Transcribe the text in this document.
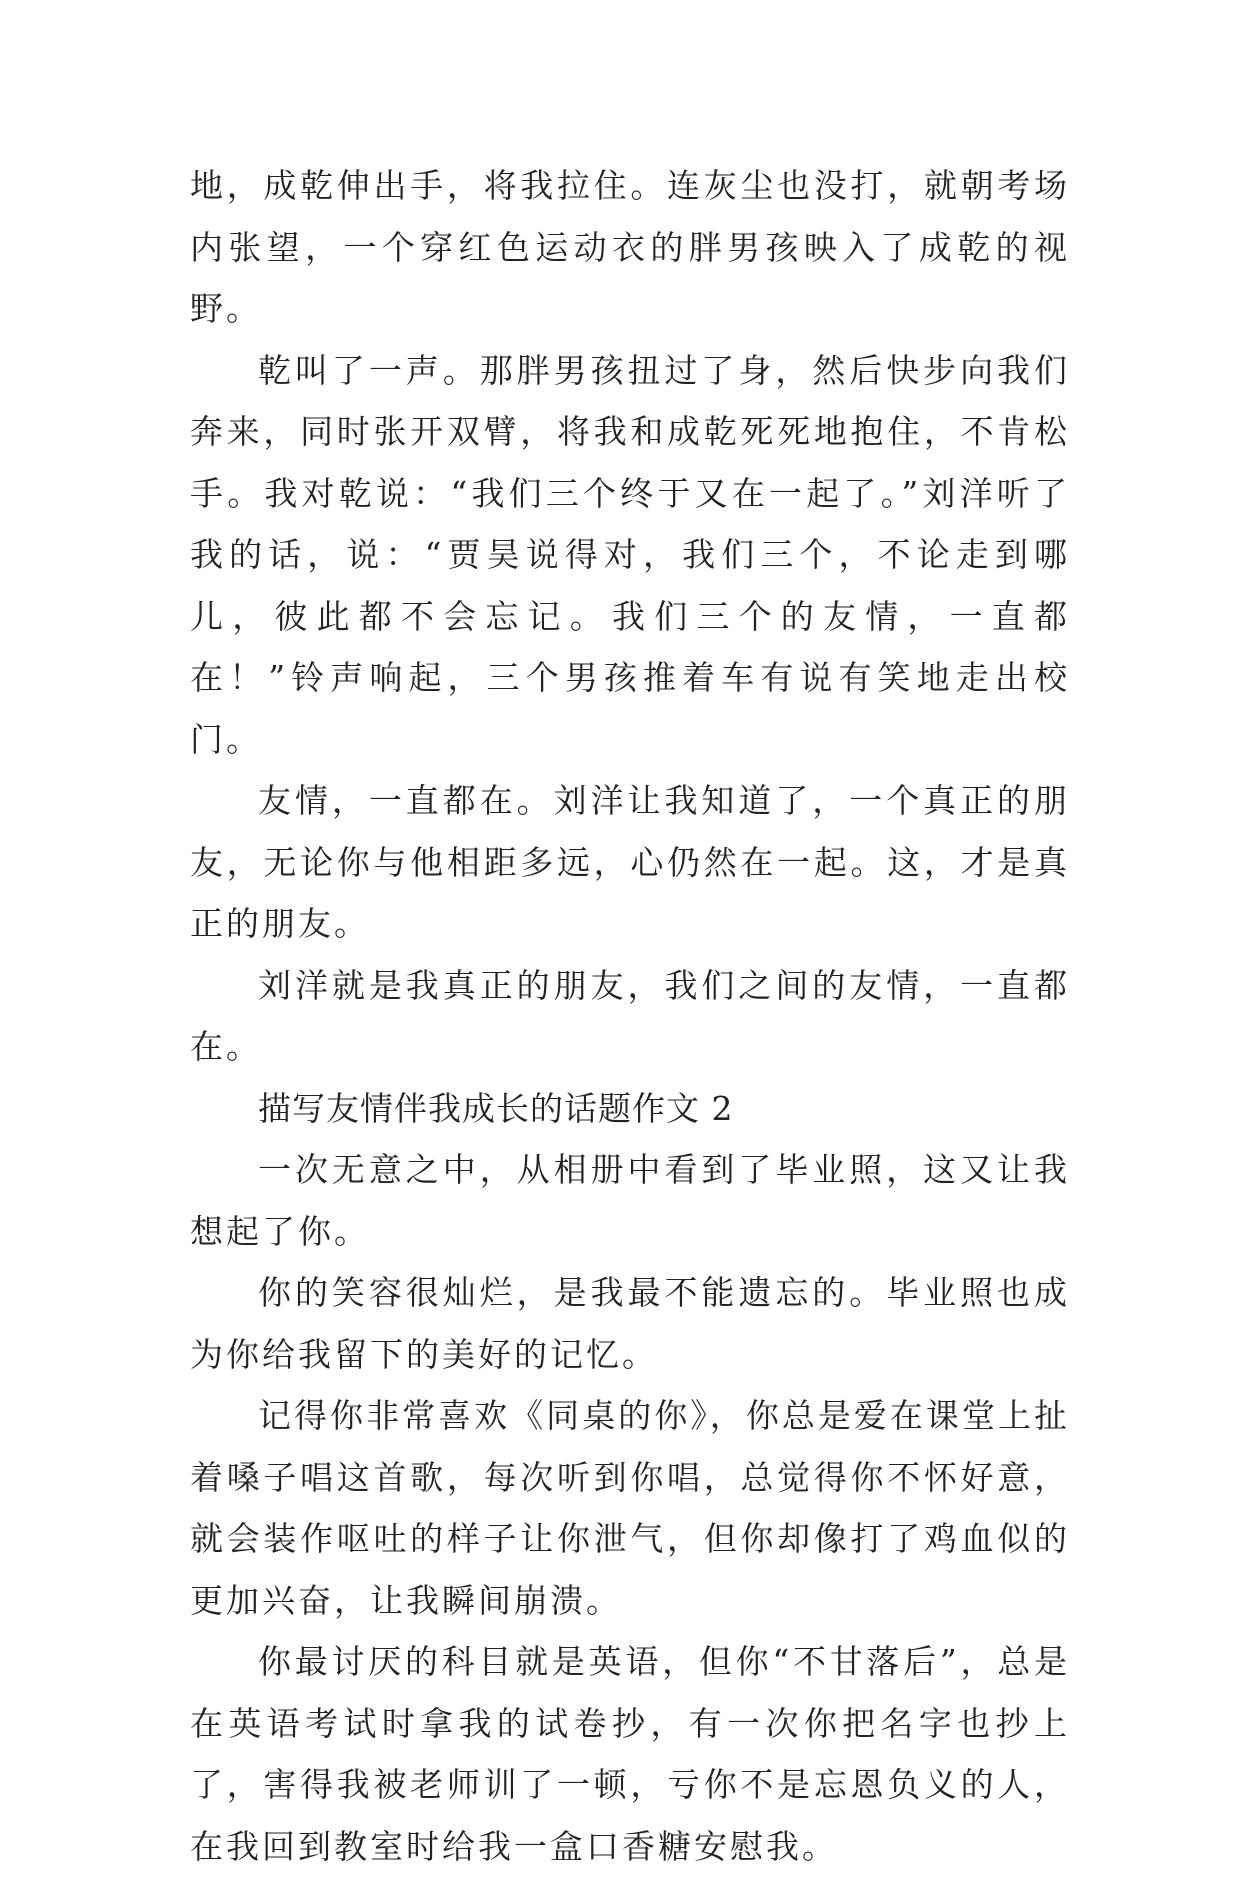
地，成乾伸出手，将我拉住。连灰尘也没打，就朝考场内张望，一个穿红色运动衣的胖男孩映入了成乾的视野。

乾叫了一声。那胖男孩扭过了身，然后快步向我们奔来，同时张开双臂，将我和成乾死死地抱住，不肯松手。我对乾说：“我们三个终于又在一起了。”刘洋听了我的话，说：“贾昊说得对，我们三个，不论走到哪儿，彼此都不会忘记。我们三个的友情，一直都在！”铃声响起，三个男孩推着车有说有笑地走出校门。

友情，一直都在。刘洋让我知道了，一个真正的朋友，无论你与他相距多远，心仍然在一起。这，才是真正的朋友。

刘洋就是我真正的朋友，我们之间的友情，一直都在。

描写友情伴我成长的话题作文 2

一次无意之中，从相册中看到了毕业照，这又让我想起了你。

你的笑容很灿烂，是我最不能遗忘的。毕业照也成为你给我留下的美好的记忆。

记得你非常喜欢《同桌的你》，你总是爱在课堂上扯着嗓子唱这首歌，每次听到你唱，总觉得你不怀好意，就会装作呕吐的样子让你泄气，但你却像打了鸡血似的更加兴奋，让我瞬间崩溃。

你最讨厌的科目就是英语，但你“不甘落后”，总是在英语考试时拿我的试卷抄，有一次你把名字也抄上了，害得我被老师训了一顿，亏你不是忘恩负义的人，在我回到教室时给我一盒口香糖安慰我。
